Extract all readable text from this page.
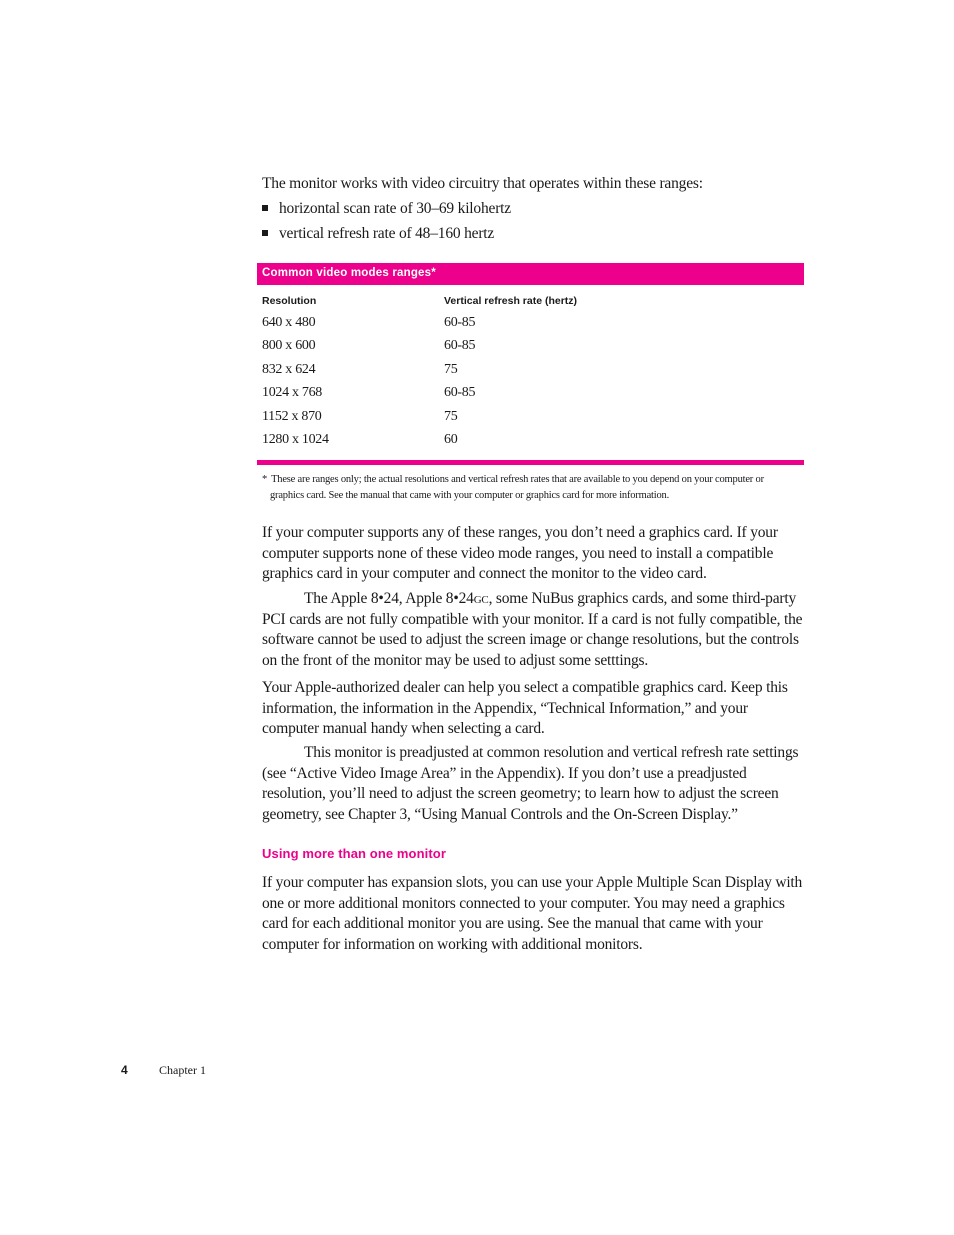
The monitor works with video circuitry that operates within these ranges:
horizontal scan rate of 30–69 kilohertz
vertical refresh rate of 48–160 hertz
Common video modes ranges*
Resolution	Vertical refresh rate (hertz)
640 x 480	60-85
800 x 600	60-85
832 x 624	75
1024 x 768	60-85
1152 x 870	75
1280 x 1024	60
* These are ranges only; the actual resolutions and vertical refresh rates that are available to you depend on your computer or
graphics card. See the manual that came with your computer or graphics card for more information.
If your computer supports any of these ranges, you don’t need a graphics card. If your computer supports none of these video mode ranges, you need to install a compatible graphics card in your computer and connect the monitor to the video card.
The Apple 8•24, Apple 8•24gc, some NuBus graphics cards, and some third-party PCI cards are not fully compatible with your monitor. If a card is not fully compatible, the software cannot be used to adjust the screen image or change resolutions, but the controls on the front of the monitor may be used to adjust some setttings.
Your Apple-authorized dealer can help you select a compatible graphics card. Keep this information, the information in the Appendix, “Technical Information,” and your computer manual handy when selecting a card.
This monitor is preadjusted at common resolution and vertical refresh rate settings (see “Active Video Image Area” in the Appendix). If you don’t use a preadjusted resolution, you’ll need to adjust the screen geometry; to learn how to adjust the screen geometry, see Chapter 3, “Using Manual Controls and the On-Screen Display.”
Using more than one monitor
If your computer has expansion slots, you can use your Apple Multiple Scan Display with one or more additional monitors connected to your computer. You may need a graphics card for each additional monitor you are using. See the manual that came with your computer for information on working with additional monitors.
4	Chapter 1
